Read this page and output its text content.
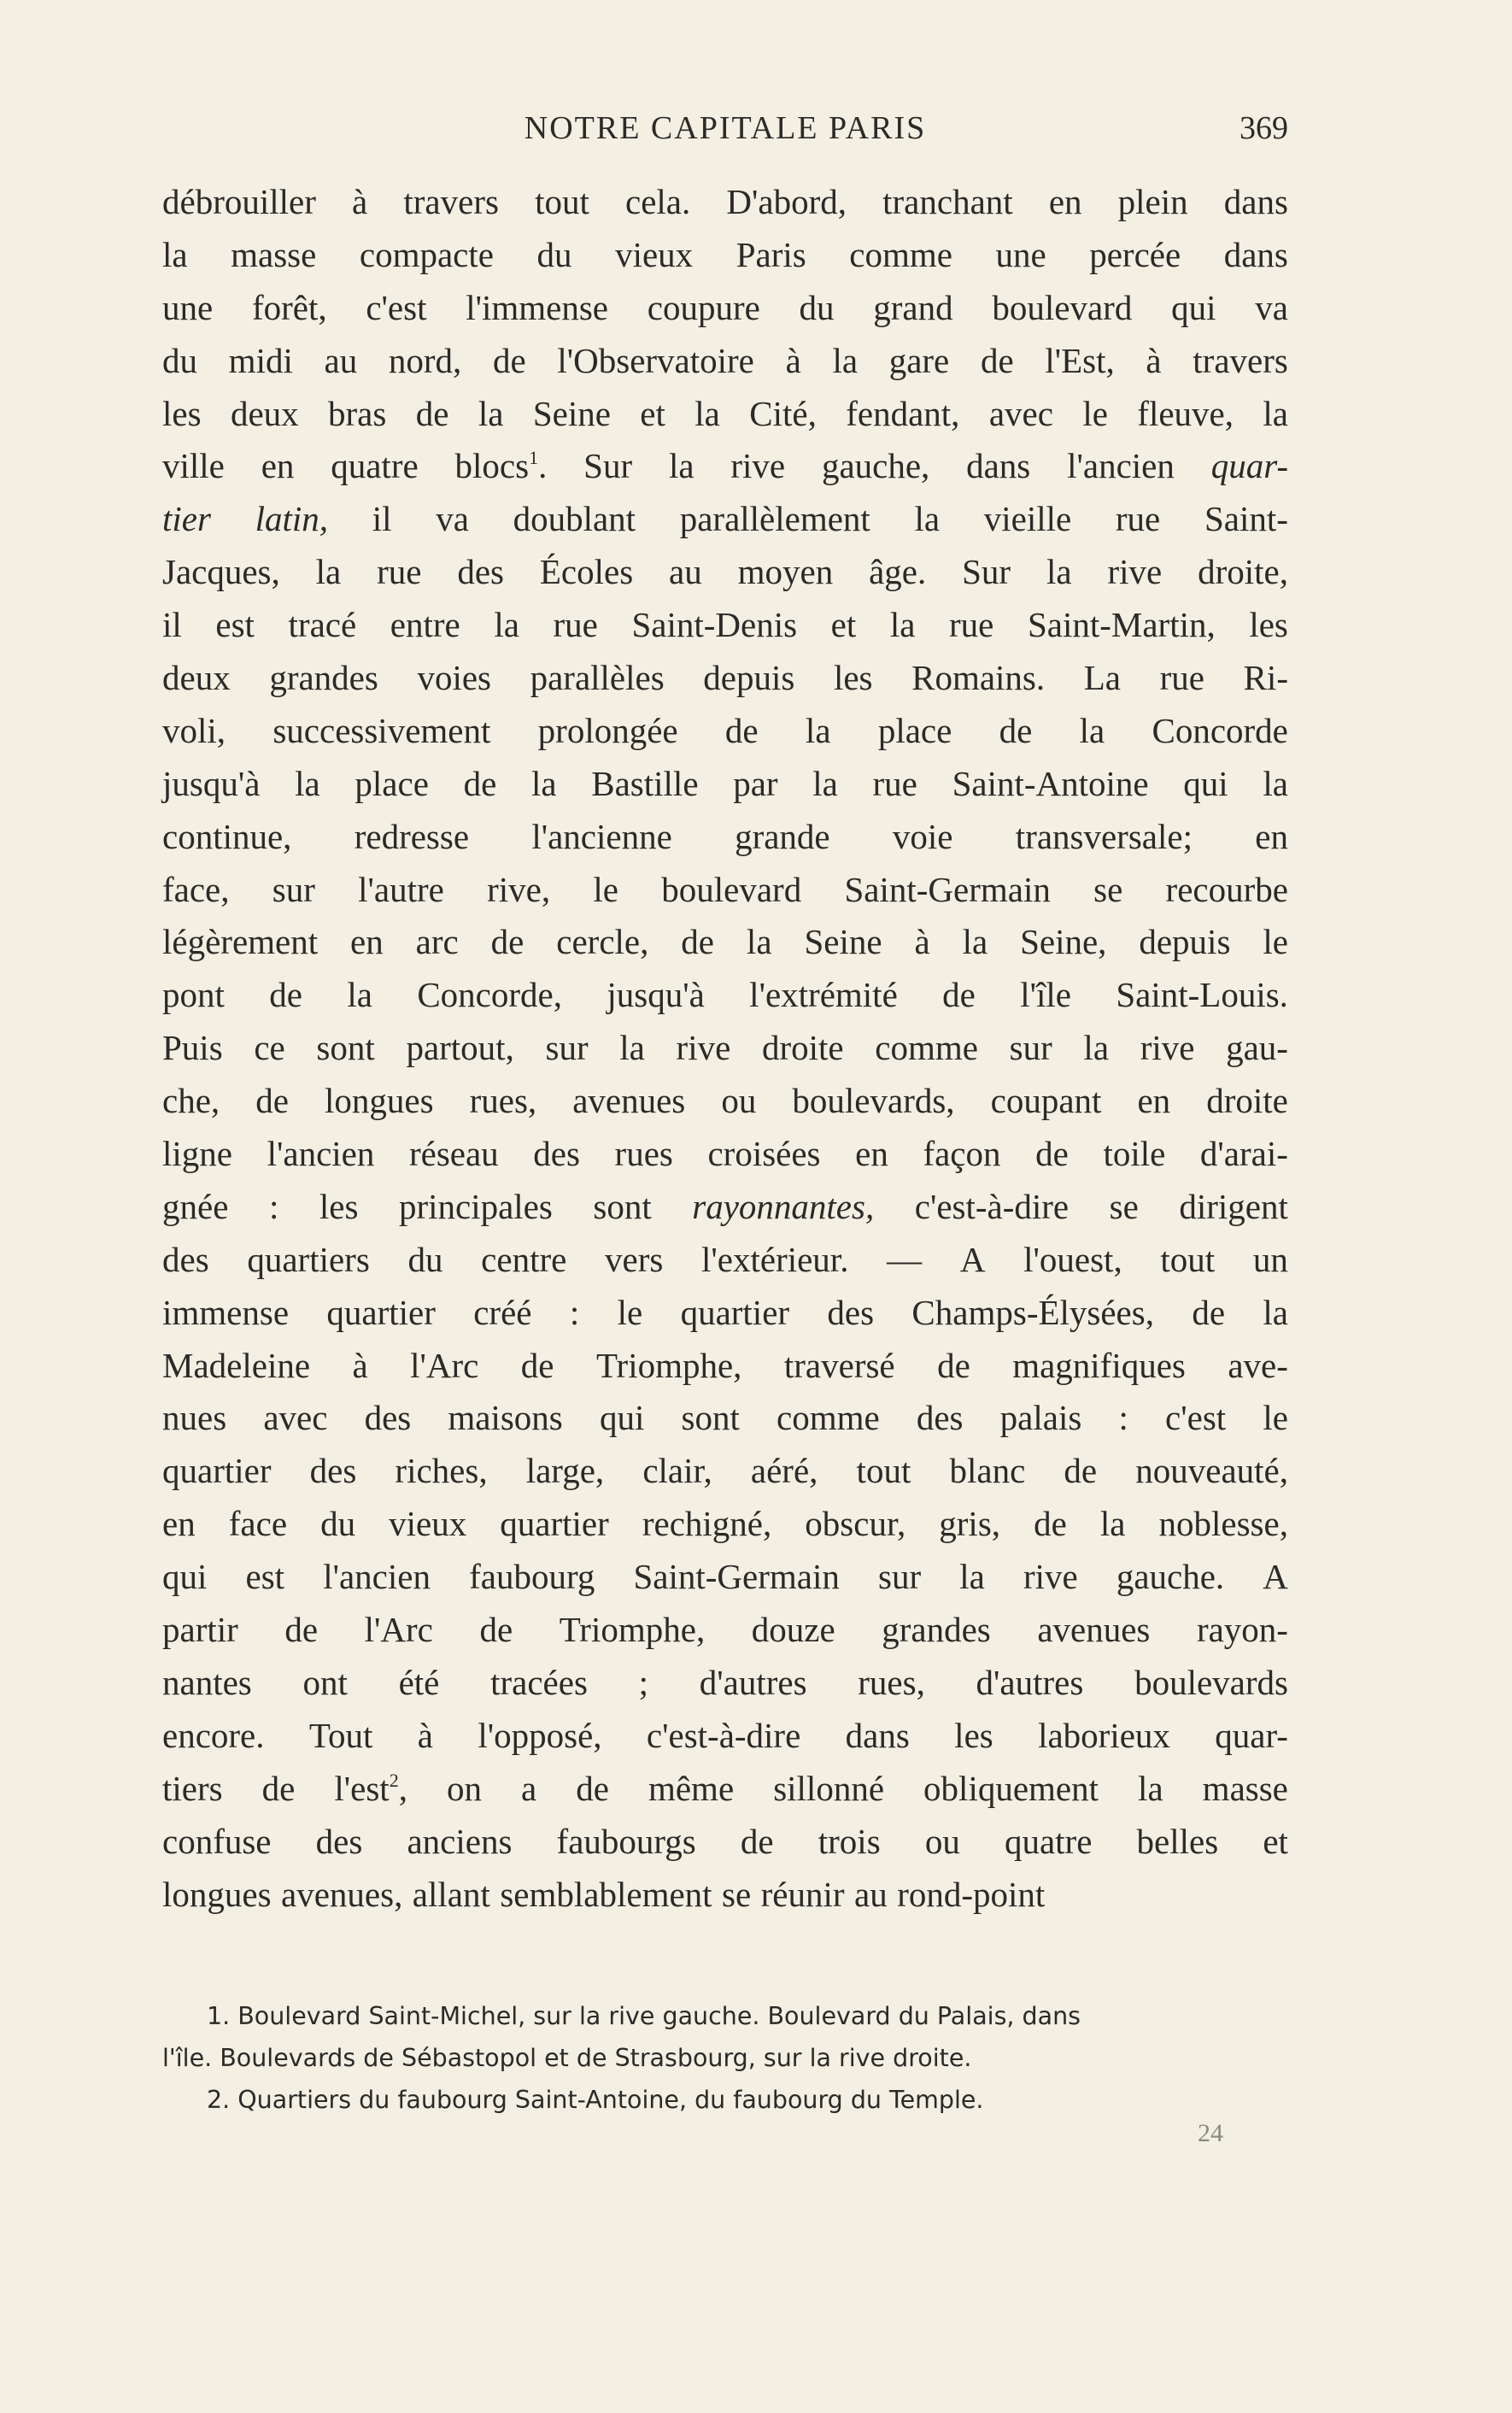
NOTRE CAPITALE PARIS	369
débrouiller à travers tout cela. D'abord, tranchant en plein dans
la masse compacte du vieux Paris comme une percée dans
une forêt, c'est l'immense coupure du grand boulevard qui va
du midi au nord, de l'Observatoire à la gare de l'Est, à travers
les deux bras de la Seine et la Cité, fendant, avec le fleuve, la
ville en quatre blocs$^1$. Sur la rive gauche, dans l'ancien quar-
tier latin, il va doublant parallèlement la vieille rue Saint-
Jacques, la rue des Écoles au moyen âge. Sur la rive droite,
il est tracé entre la rue Saint-Denis et la rue Saint-Martin, les
deux grandes voies parallèles depuis les Romains. La rue Ri-
voli, successivement prolongée de la place de la Concorde
jusqu'à la place de la Bastille par la rue Saint-Antoine qui la
continue, redresse l'ancienne grande voie transversale; en
face, sur l'autre rive, le boulevard Saint-Germain se recourbe
légèrement en arc de cercle, de la Seine à la Seine, depuis le
pont de la Concorde, jusqu'à l'extrémité de l'île Saint-Louis.
Puis ce sont partout, sur la rive droite comme sur la rive gau-
che, de longues rues, avenues ou boulevards, coupant en droite
ligne l'ancien réseau des rues croisées en façon de toile d'arai-
gnée : les principales sont rayonnantes, c'est-à-dire se dirigent
des quartiers du centre vers l'extérieur. — A l'ouest, tout un
immense quartier créé : le quartier des Champs-Élysées, de la
Madeleine à l'Arc de Triomphe, traversé de magnifiques ave-
nues avec des maisons qui sont comme des palais : c'est le
quartier des riches, large, clair, aéré, tout blanc de nouveauté,
en face du vieux quartier rechigné, obscur, gris, de la noblesse,
qui est l'ancien faubourg Saint-Germain sur la rive gauche. A
partir de l'Arc de Triomphe, douze grandes avenues rayon-
nantes ont été tracées ; d'autres rues, d'autres boulevards
encore. Tout à l'opposé, c'est-à-dire dans les laborieux quar-
tiers de l'est$^2$, on a de même sillonné obliquement la masse
confuse des anciens faubourgs de trois ou quatre belles et
longues avenues, allant semblablement se réunir au rond-point
1. Boulevard Saint-Michel, sur la rive gauche. Boulevard du Palais, dans
l'île. Boulevards de Sébastopol et de Strasbourg, sur la rive droite.
2. Quartiers du faubourg Saint-Antoine, du faubourg du Temple.
24
